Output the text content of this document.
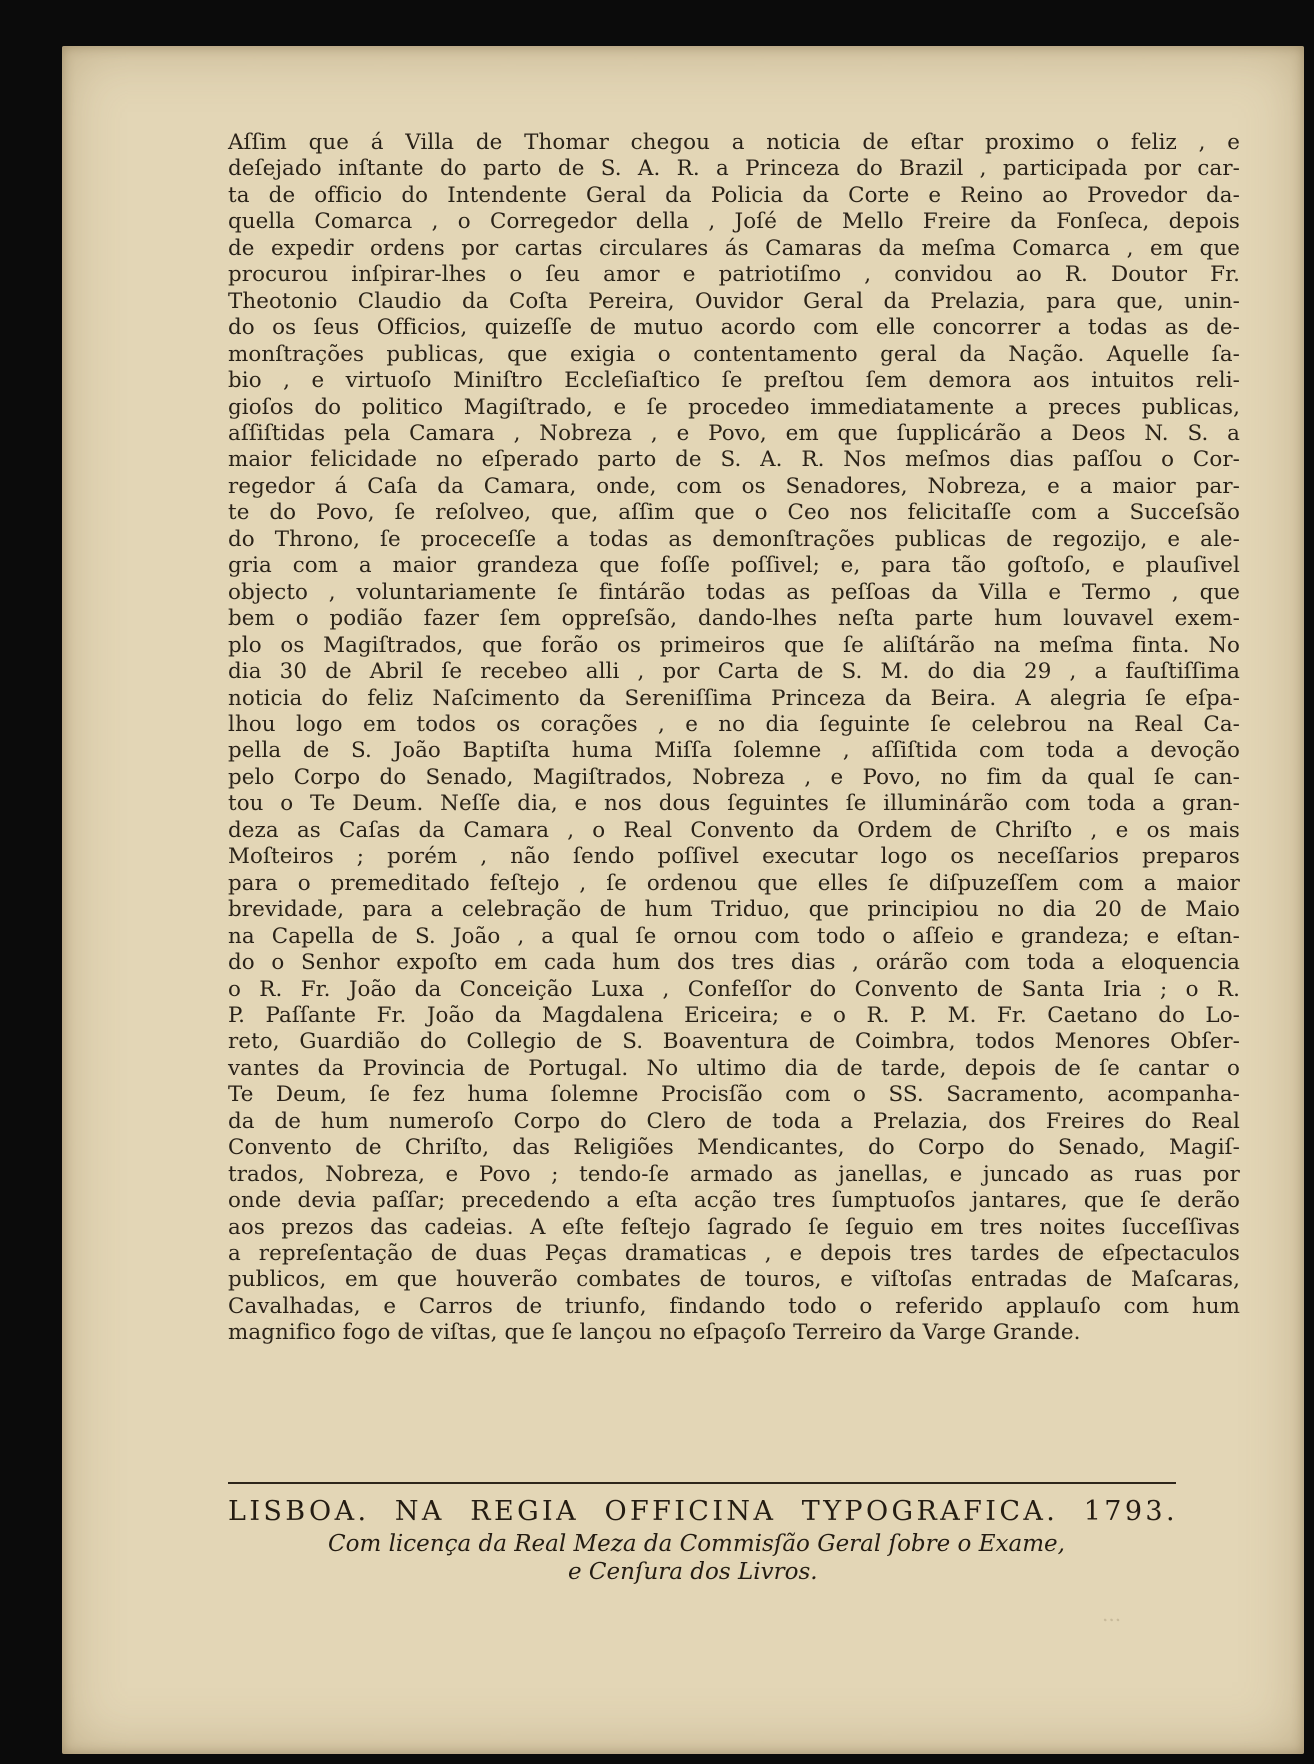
...
Aſſim que á Villa de Thomar chegou a noticia de eſtar proximo o feliz , e
deſejado inſtante do parto de S. A. R. a Princeza do Brazil , participada por car-
ta de officio do Intendente Geral da Policia da Corte e Reino ao Provedor da-
quella Comarca , o Corregedor della , Joſé de Mello Freire da Fonſeca, depois
de expedir ordens por cartas circulares ás Camaras da meſma Comarca , em que
procurou inſpirar-lhes o ſeu amor e patriotiſmo , convidou ao R. Doutor Fr.
Theotonio Claudio da Coſta Pereira, Ouvidor Geral da Prelazia, para que, unin-
do os ſeus Officios, quizeſſe de mutuo acordo com elle concorrer a todas as de-
monſtrações publicas, que exigia o contentamento geral da Nação. Aquelle ſa-
bio , e virtuoſo Miniſtro Eccleſiaſtico ſe preſtou ſem demora aos intuitos reli-
gioſos do politico Magiſtrado, e ſe procedeo immediatamente a preces publicas,
aſſiſtidas pela Camara , Nobreza , e Povo, em que ſupplicárão a Deos N. S. a
maior felicidade no eſperado parto de S. A. R. Nos meſmos dias paſſou o Cor-
regedor á Caſa da Camara, onde, com os Senadores, Nobreza, e a maior par-
te do Povo, ſe reſolveo, que, aſſim que o Ceo nos felicitaſſe com a Succeſsão
do Throno, ſe proceceſſe a todas as demonſtrações publicas de regozijo, e ale-
gria com a maior grandeza que foſſe poſſivel; e, para tão goſtoſo, e plauſivel
objecto , voluntariamente ſe fintárão todas as peſſoas da Villa e Termo , que
bem o podião fazer ſem oppreſsão, dando-lhes neſta parte hum louvavel exem-
plo os Magiſtrados, que forão os primeiros que ſe aliſtárão na meſma finta. No
dia 30 de Abril ſe recebeo alli , por Carta de S. M. do dia 29 , a fauſtiſſima
noticia do feliz Naſcimento da Sereniſſima Princeza da Beira. A alegria ſe eſpa-
lhou logo em todos os corações , e no dia ſeguinte ſe celebrou na Real Ca-
pella de S. João Baptiſta huma Miſſa ſolemne , aſſiſtida com toda a devoção
pelo Corpo do Senado, Magiſtrados, Nobreza , e Povo, no fim da qual ſe can-
tou o Te Deum. Neſſe dia, e nos dous ſeguintes ſe illuminárão com toda a gran-
deza as Caſas da Camara , o Real Convento da Ordem de Chriſto , e os mais
Moſteiros ; porém , não ſendo poſſivel executar logo os neceſſarios preparos
para o premeditado feſtejo , ſe ordenou que elles ſe diſpuzeſſem com a maior
brevidade, para a celebração de hum Triduo, que principiou no dia 20 de Maio
na Capella de S. João , a qual ſe ornou com todo o aſſeio e grandeza; e eſtan-
do o Senhor expoſto em cada hum dos tres dias , orárão com toda a eloquencia
o R. Fr. João da Conceição Luxa , Confeſſor do Convento de Santa Iria ; o R.
P. Paſſante Fr. João da Magdalena Ericeira; e o R. P. M. Fr. Caetano do Lo-
reto, Guardião do Collegio de S. Boaventura de Coimbra, todos Menores Obſer-
vantes da Provincia de Portugal. No ultimo dia de tarde, depois de ſe cantar o
Te Deum, ſe fez huma ſolemne Procisſão com o SS. Sacramento, acompanha-
da de hum numeroſo Corpo do Clero de toda a Prelazia, dos Freires do Real
Convento de Chriſto, das Religiões Mendicantes, do Corpo do Senado, Magiſ-
trados, Nobreza, e Povo ; tendo-ſe armado as janellas, e juncado as ruas por
onde devia paſſar; precedendo a eſta acção tres ſumptuoſos jantares, que ſe derão
aos prezos das cadeias. A eſte feſtejo ſagrado ſe ſeguio em tres noites ſucceſſivas
a repreſentação de duas Peças dramaticas , e depois tres tardes de eſpectaculos
publicos, em que houverão combates de touros, e viſtoſas entradas de Maſcaras,
Cavalhadas, e Carros de triunfo, findando todo o referido applauſo com hum
magnifico fogo de viſtas, que ſe lançou no eſpaçoſo Terreiro da Varge Grande.
LISBOA. NA REGIA OFFICINA TYPOGRAFICA. 1793.
Com licença da Real Meza da Commisſão Geral ſobre o Exame,
e Cenſura dos Livros.
